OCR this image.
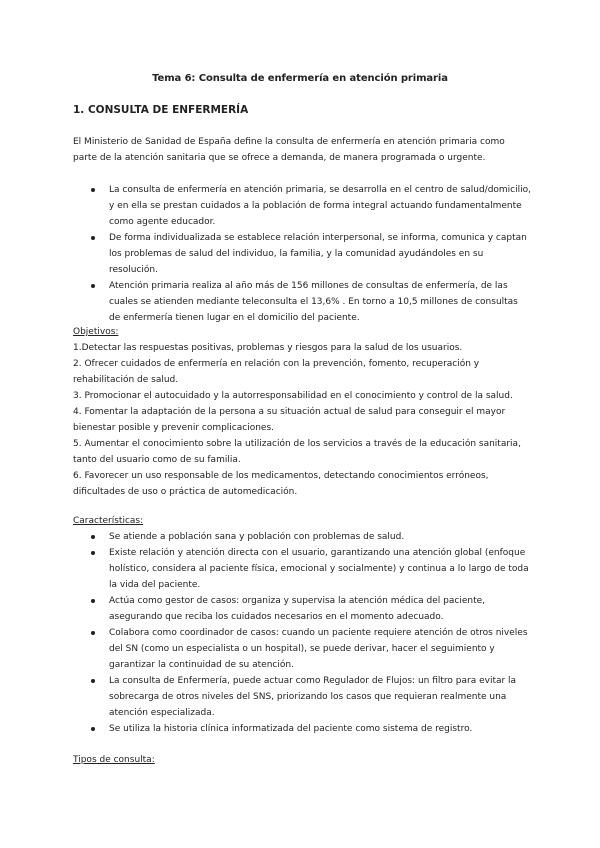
Tema 6: Consulta de enfermería en atención primaria
1. CONSULTA DE ENFERMERÍA
El Ministerio de Sanidad de España define la consulta de enfermería en atención primaria como parte de la atención sanitaria que se ofrece a demanda, de manera programada o urgente.
La consulta de enfermería en atención primaria, se desarrolla en el centro de salud/domicilio, y en ella se prestan cuidados a la población de forma integral actuando fundamentalmente como agente educador.
De forma individualizada se establece relación interpersonal, se informa, comunica y captan los problemas de salud del individuo, la familia, y la comunidad ayudándoles en su resolución.
Atención primaria realiza al año más de 156 millones de consultas de enfermería, de las cuales se atienden mediante teleconsulta el 13,6% . En torno a 10,5 millones de consultas de enfermería tienen lugar en el domicilio del paciente.
Objetivos:
1.Detectar las respuestas positivas, problemas y riesgos para la salud de los usuarios.
2. Ofrecer cuidados de enfermería en relación con la prevención, fomento, recuperación y rehabilitación de salud.
3. Promocionar el autocuidado y la autorresponsabilidad en el conocimiento y control de la salud.
4. Fomentar la adaptación de la persona a su situación actual de salud para conseguir el mayor bienestar posible y prevenir complicaciones.
5. Aumentar el conocimiento sobre la utilización de los servicios a través de la educación sanitaria, tanto del usuario como de su familia.
6. Favorecer un uso responsable de los medicamentos, detectando conocimientos erróneos, dificultades de uso o práctica de automedicación.
Características:
Se atiende a población sana y población con problemas de salud.
Existe relación y atención directa con el usuario, garantizando una atención global (enfoque holístico, considera al paciente física, emocional y socialmente) y continua a lo largo de toda la vida del paciente.
Actúa como gestor de casos: organiza y supervisa la atención médica del paciente, asegurando que reciba los cuidados necesarios en el momento adecuado.
Colabora como coordinador de casos: cuando un paciente requiere atención de otros niveles del SN (como un especialista o un hospital), se puede derivar, hacer el seguimiento y garantizar la continuidad de su atención.
La consulta de Enfermería, puede actuar como Regulador de Flujos: un filtro para evitar la sobrecarga de otros niveles del SNS, priorizando los casos que requieran realmente una atención especializada.
Se utiliza la historia clínica informatizada del paciente como sistema de registro.
Tipos de consulta:
